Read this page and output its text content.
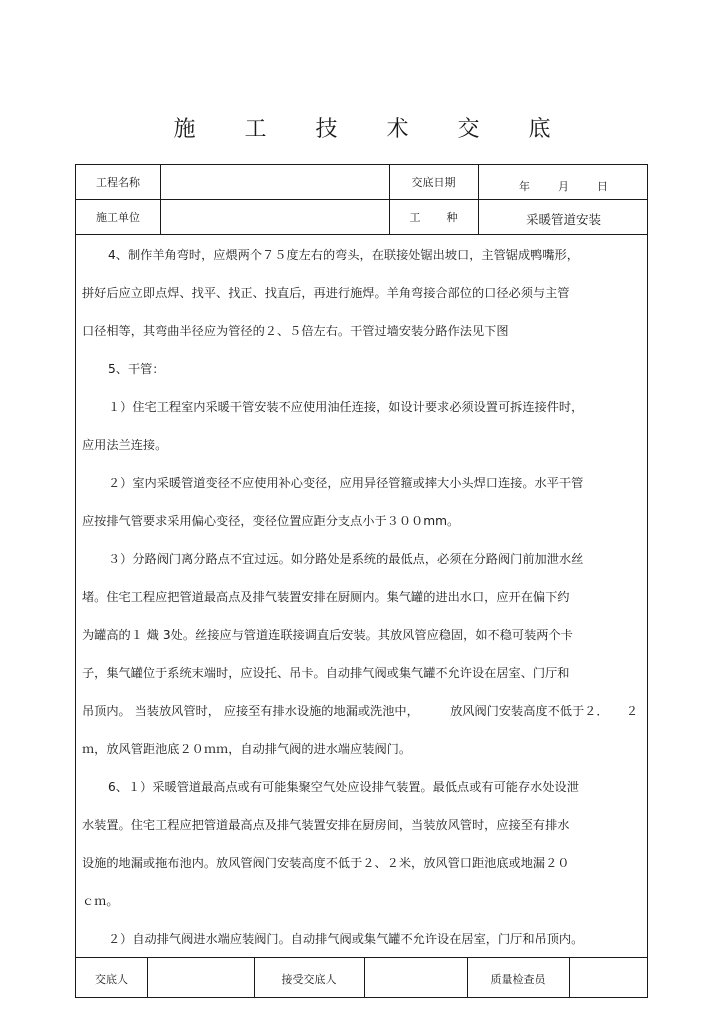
施 工 技 术 交 底
工程名称	交底日期	年	月	日
施工单位	工 种	采暖管道安装
4、制作羊角弯时，应煨两个７５度左右的弯头，在联接处锯出坡口，主管锯成鸭嘴形，
拼好后应立即点焊、找平、找正、找直后，再进行施焊。羊角弯接合部位的口径必须与主管
口径相等，其弯曲半径应为管径的２、５倍左右。干管过墙安装分路作法见下图
5、干管：
１）住宅工程室内采暖干管安装不应使用油任连接，如设计要求必须设置可拆连接件时，
应用法兰连接。
２）室内采暖管道变径不应使用补心变径，应用异径管箍或摔大小头焊口连接。水平干管
应按排气管要求采用偏心变径，变径位置应距分支点小于３００mm。
３）分路阀门离分路点不宜过远。如分路处是系统的最低点，必须在分路阀门前加泄水丝
堵。住宅工程应把管道最高点及排气装置安排在厨厕内。集气罐的进出水口，应开在偏下约
为罐高的１ 熾 3处。丝接应与管道连联接调直后安装。其放风管应稳固，如不稳可装两个卡
子，集气罐位于系统末端时，应设托、吊卡。自动排气阀或集气罐不允许设在居室、门厅和
吊顶内。 当装放风管时， 应接至有排水设施的地漏或洗池中，	放风阀门安装高度不低于２． ２
ｍ，放风管距池底２０ｍｍ，自动排气阀的进水端应装阀门。
6、１）采暖管道最高点或有可能集聚空气处应设排气装置。最低点或有可能存水处设泄
水装置。住宅工程应把管道最高点及排气装置安排在厨房间，当装放风管时，应接至有排水
设施的地漏或拖布池内。放风管阀门安装高度不低于２、２米，放风管口距池底或地漏２０
ｃｍ。
２）自动排气阀进水端应装阀门。自动排气阀或集气罐不允许设在居室，门厅和吊顶内。
交底人	接受交底人	质量检查员
